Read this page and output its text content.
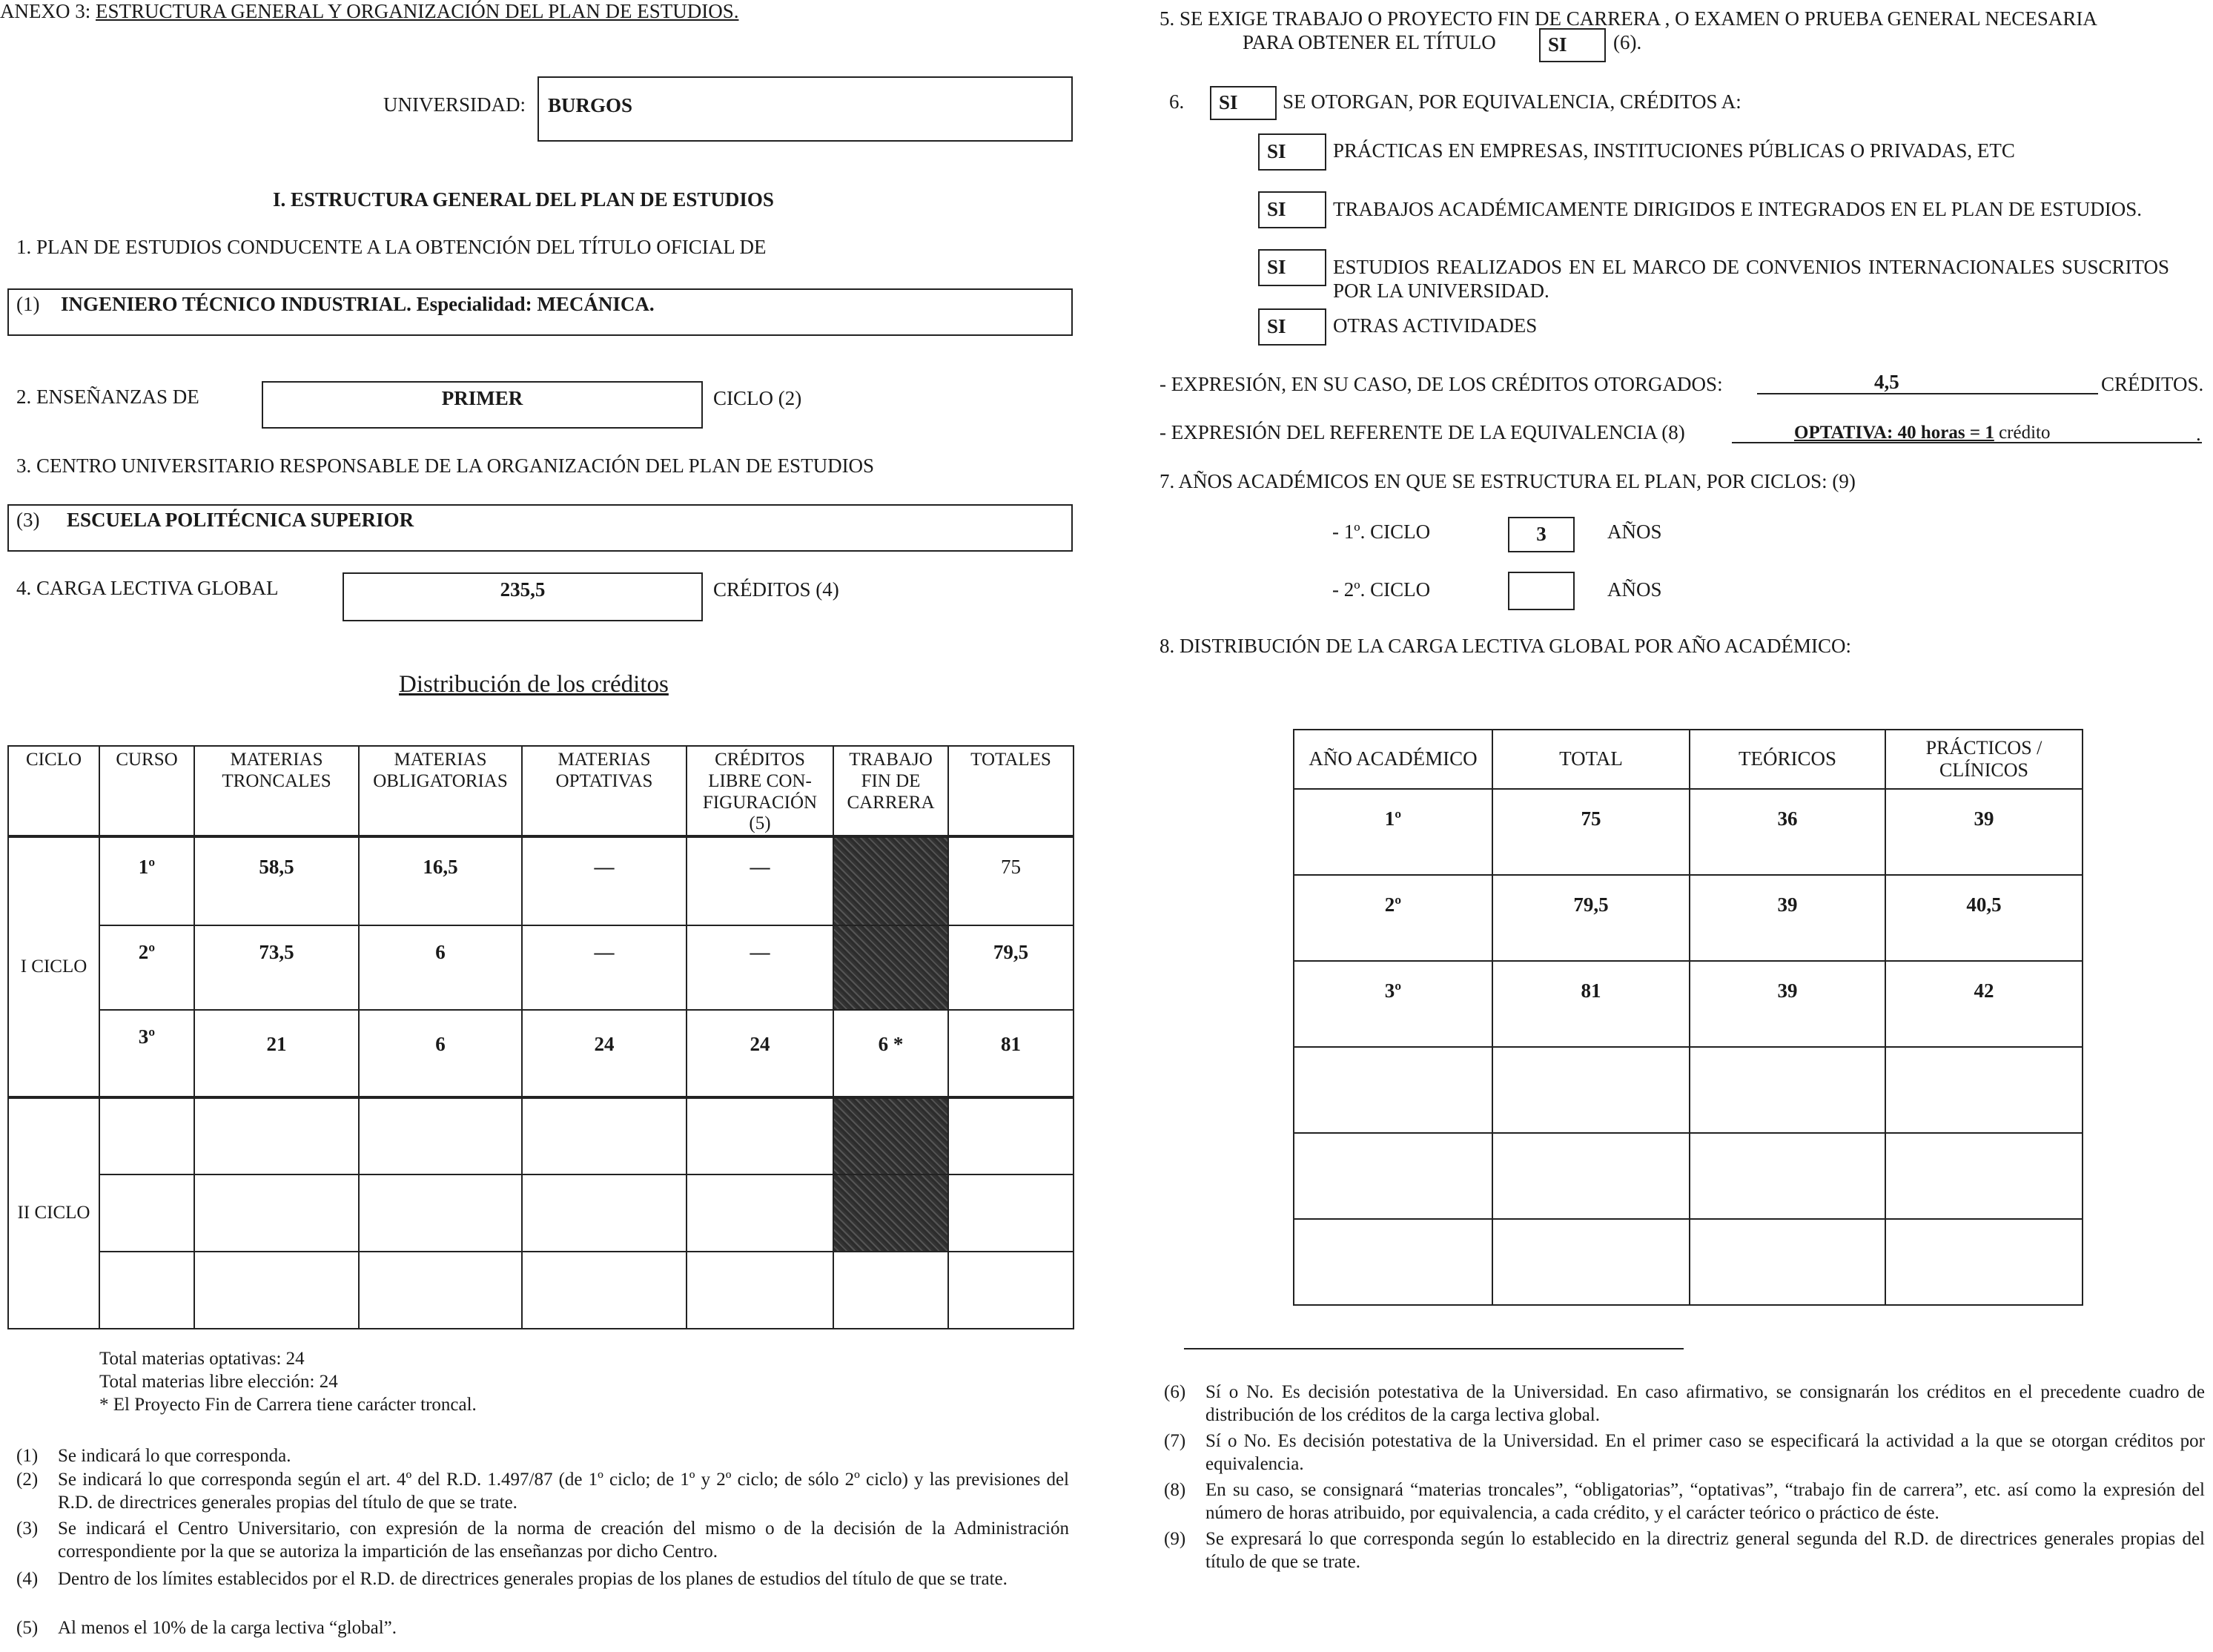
ANEXO 3: ESTRUCTURA GENERAL Y ORGANIZACIÓN DEL PLAN DE ESTUDIOS.
UNIVERSIDAD: BURGOS
I. ESTRUCTURA GENERAL DEL PLAN DE ESTUDIOS
1. PLAN DE ESTUDIOS CONDUCENTE A LA OBTENCIÓN DEL TÍTULO OFICIAL DE
(1) INGENIERO TÉCNICO INDUSTRIAL. Especialidad: MECÁNICA.
2. ENSEÑANZAS DE	PRIMER	CICLO (2)
3. CENTRO UNIVERSITARIO RESPONSABLE DE LA ORGANIZACIÓN DEL PLAN DE ESTUDIOS
(3) ESCUELA POLITÉCNICA SUPERIOR
4. CARGA LECTIVA GLOBAL	235,5	CRÉDITOS (4)
Distribución de los créditos
CICLO	CURSO	MATERIAS TRONCALES	MATERIAS OBLIGATORIAS	MATERIAS OPTATIVAS	CRÉDITOS LIBRE CON-FIGURACIÓN (5)	TRABAJO FIN DE CARRERA	TOTALES
I CICLO	1º	58,5	16,5	—	—		75
	2º	73,5	6	—	—		79,5
	3º	21	6	24	24	6 *	81
II CICLO							

Total materias optativas: 24
Total materias libre elección: 24
* El Proyecto Fin de Carrera tiene carácter troncal.
(1) Se indicará lo que corresponda.
(2) Se indicará lo que corresponda según el art. 4º del R.D. 1.497/87 (de 1º ciclo; de 1º y 2º ciclo; de sólo 2º ciclo) y las previsiones del R.D. de directrices generales propias del título de que se trate.
(3) Se indicará el Centro Universitario, con expresión de la norma de creación del mismo o de la decisión de la Administración correspondiente por la que se autoriza la impartición de las enseñanzas por dicho Centro.
(4) Dentro de los límites establecidos por el R.D. de directrices generales propias de los planes de estudios del título de que se trate.
(5) Al menos el 10% de la carga lectiva “global”.
5. SE EXIGE TRABAJO O PROYECTO FIN DE CARRERA , O EXAMEN O PRUEBA GENERAL NECESARIA
PARA OBTENER EL TÍTULO	SI	(6).
6.	SI	SE OTORGAN, POR EQUIVALENCIA, CRÉDITOS A:
SI	PRÁCTICAS EN EMPRESAS, INSTITUCIONES PÚBLICAS O PRIVADAS, ETC
SI	TRABAJOS ACADÉMICAMENTE DIRIGIDOS E INTEGRADOS EN EL PLAN DE ESTUDIOS.
SI	ESTUDIOS REALIZADOS EN EL MARCO DE CONVENIOS INTERNACIONALES SUSCRITOS POR LA UNIVERSIDAD.
SI	OTRAS ACTIVIDADES
- EXPRESIÓN, EN SU CASO, DE LOS CRÉDITOS OTORGADOS:	4,5	CRÉDITOS.
- EXPRESIÓN DEL REFERENTE DE LA EQUIVALENCIA (8)	OPTATIVA: 40 horas = 1 crédito	.
7. AÑOS ACADÉMICOS EN QUE SE ESTRUCTURA EL PLAN, POR CICLOS: (9)
- 1º. CICLO	3	AÑOS
- 2º. CICLO	AÑOS
8. DISTRIBUCIÓN DE LA CARGA LECTIVA GLOBAL POR AÑO ACADÉMICO:
AÑO ACADÉMICO	TOTAL	TEÓRICOS	PRÁCTICOS / CLÍNICOS
1º	75	36	39
2º	79,5	39	40,5
3º	81	39	42

(6) Sí o No. Es decisión potestativa de la Universidad. En caso afirmativo, se consignarán los créditos en el precedente cuadro de distribución de los créditos de la carga lectiva global.
(7) Sí o No. Es decisión potestativa de la Universidad. En el primer caso se especificará la actividad a la que se otorgan créditos por equivalencia.
(8) En su caso, se consignará “materias troncales”, “obligatorias”, “optativas”, “trabajo fin de carrera”, etc. así como la expresión del número de horas atribuido, por equivalencia, a cada crédito, y el carácter teórico o práctico de éste.
(9) Se expresará lo que corresponda según lo establecido en la directriz general segunda del R.D. de directrices generales propias del título de que se trate.
